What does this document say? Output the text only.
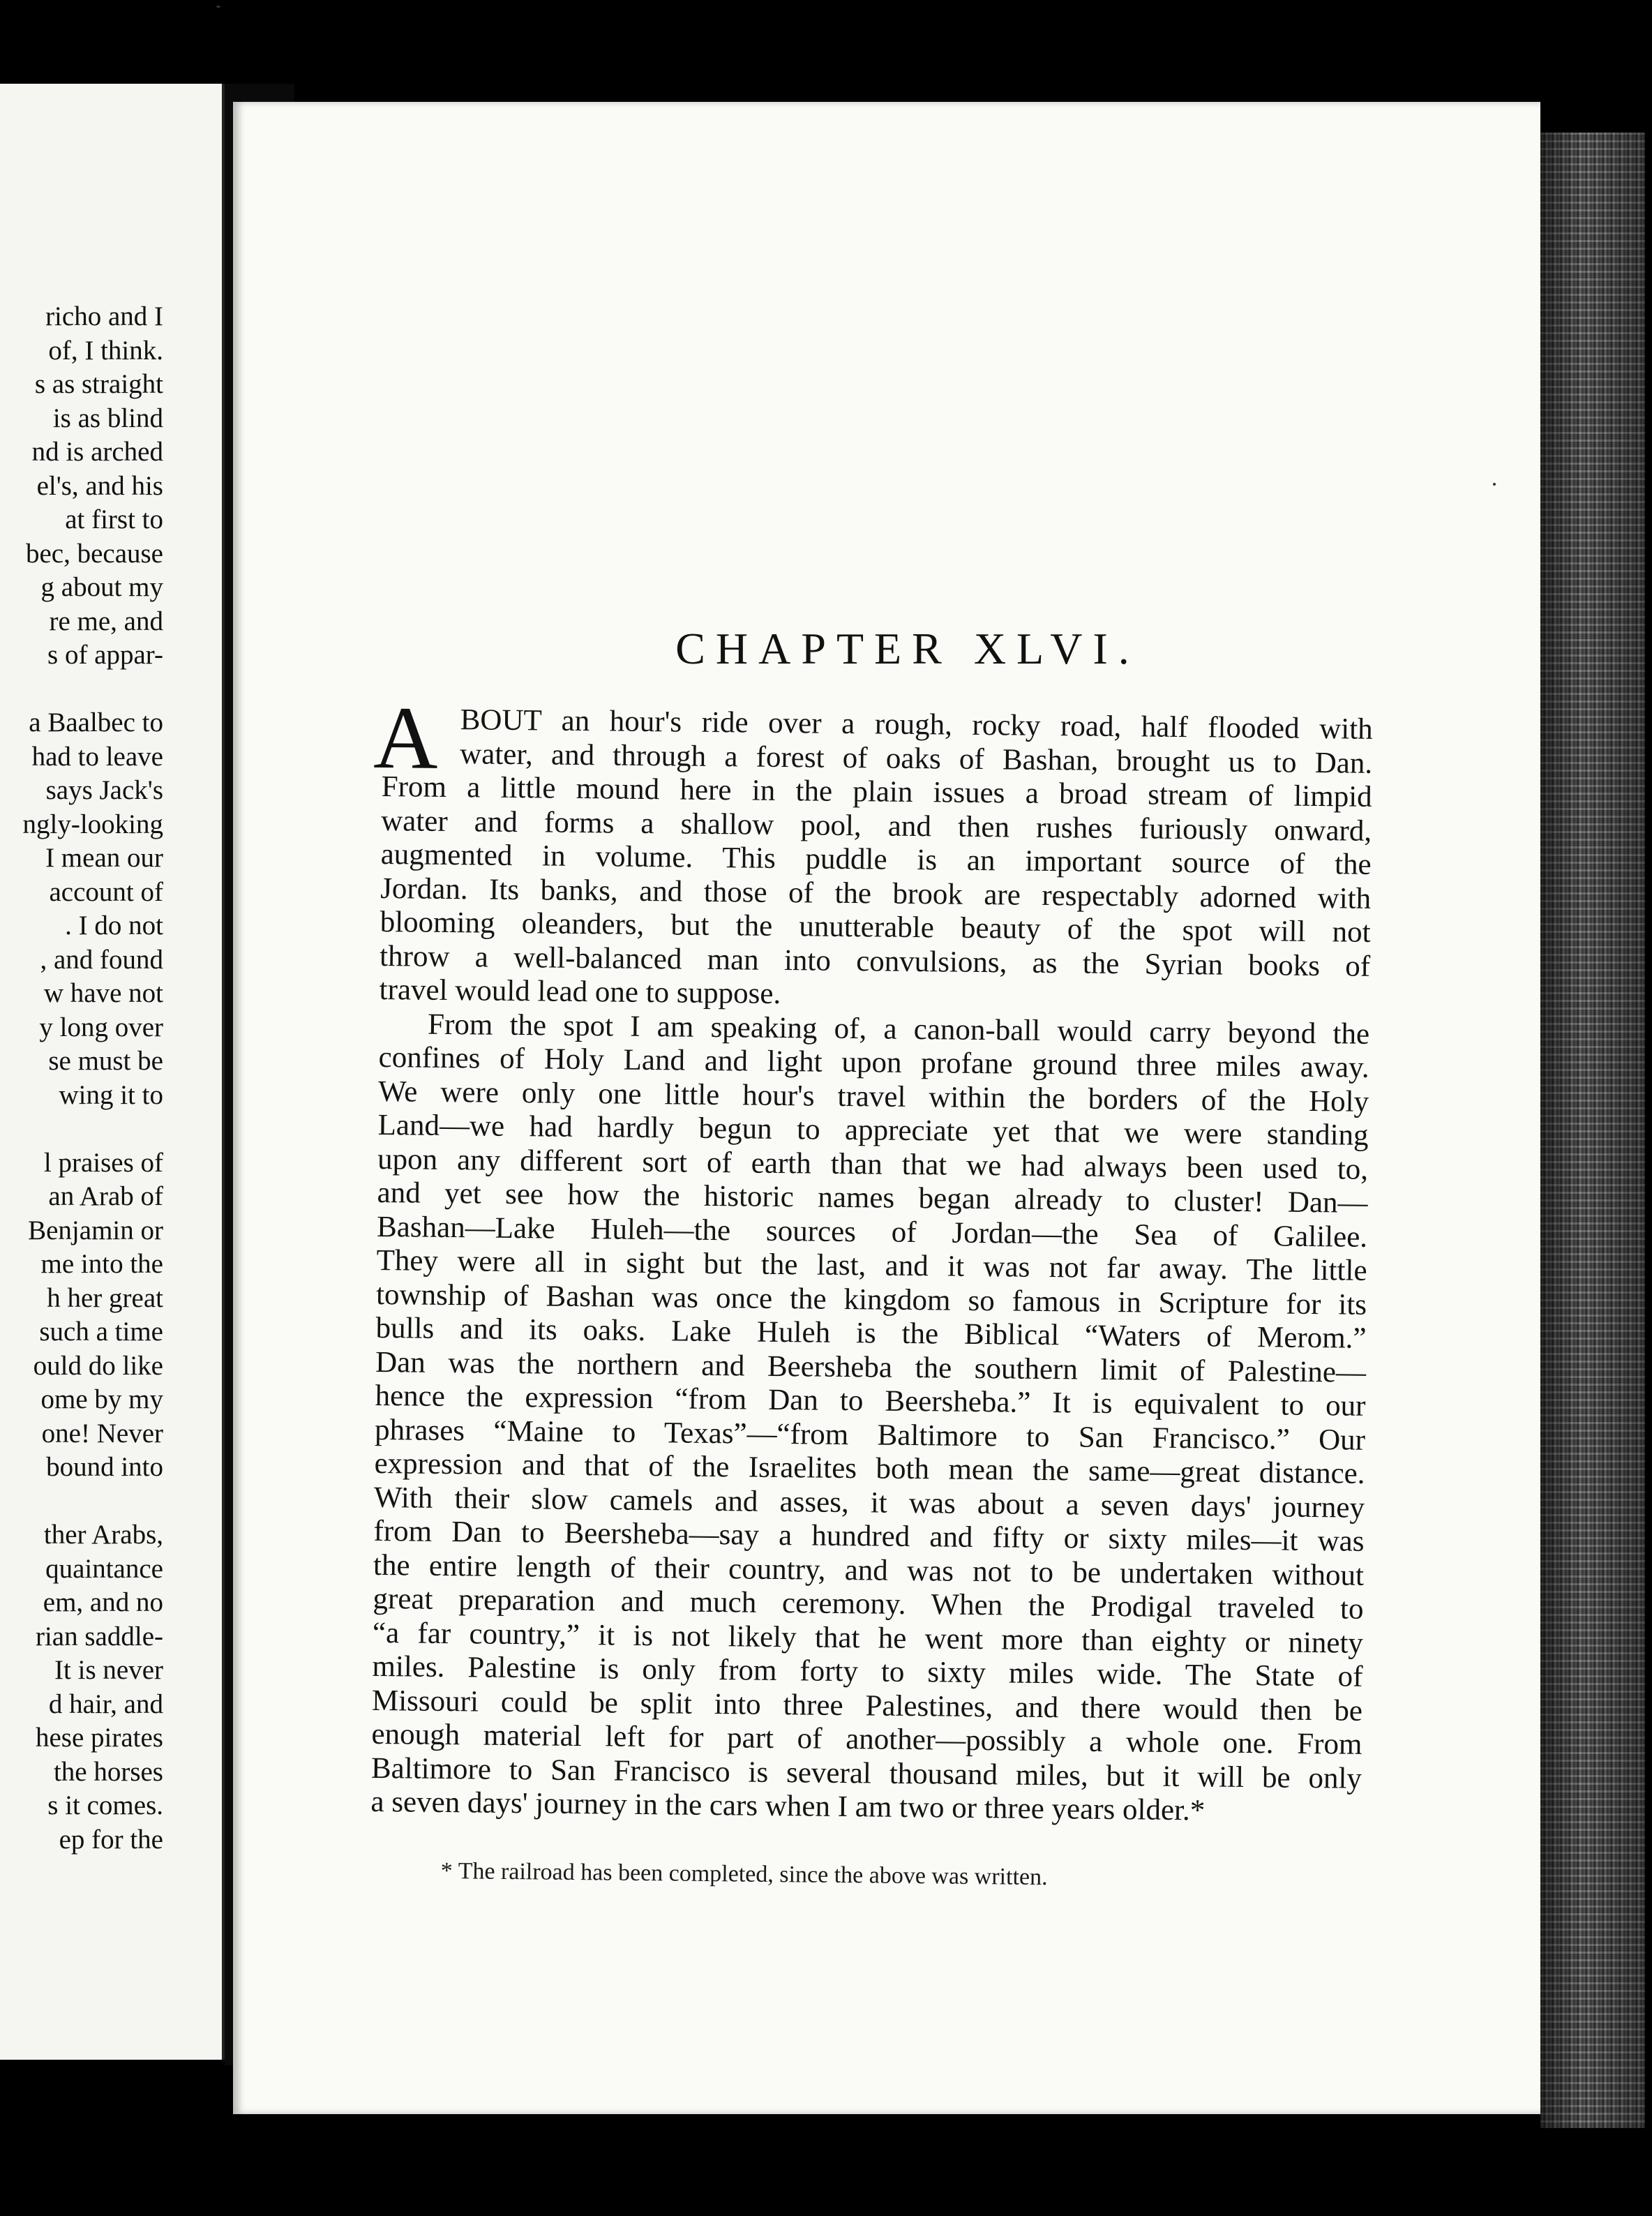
richo and I
of, I think.
s as straight
is as blind
nd is arched
el's, and his
at first to
bec, because
g about my
re me, and
s of appar-
a Baalbec to
had to leave
says Jack's
ngly-looking
I mean our
account of
. I do not
, and found
w have not
y long over
se must be
wing it to
l praises of
an Arab of
Benjamin or
me into the
h her great
such a time
ould do like
ome by my
one! Never
bound into
ther Arabs,
quaintance
em, and no
rian saddle-
It is never
d hair, and
hese pirates
the horses
s it comes.
ep for the
CHAPTER XLVI.
A BOUT an hour's ride over a rough, rocky road, half flooded with
water, and through a forest of oaks of Bashan, brought us to Dan.
From a little mound here in the plain issues a broad stream of limpid
water and forms a shallow pool, and then rushes furiously onward,
augmented in volume. This puddle is an important source of the
Jordan. Its banks, and those of the brook are respectably adorned with
blooming oleanders, but the unutterable beauty of the spot will not
throw a well-balanced man into convulsions, as the Syrian books of
travel would lead one to suppose.
From the spot I am speaking of, a canon-ball would carry beyond the
confines of Holy Land and light upon profane ground three miles away.
We were only one little hour's travel within the borders of the Holy
Land—we had hardly begun to appreciate yet that we were standing
upon any different sort of earth than that we had always been used to,
and yet see how the historic names began already to cluster! Dan—
Bashan—Lake Huleh—the sources of Jordan—the Sea of Galilee.
They were all in sight but the last, and it was not far away. The little
township of Bashan was once the kingdom so famous in Scripture for its
bulls and its oaks. Lake Huleh is the Biblical “Waters of Merom.”
Dan was the northern and Beersheba the southern limit of Palestine—
hence the expression “from Dan to Beersheba.” It is equivalent to our
phrases “Maine to Texas”—“from Baltimore to San Francisco.” Our
expression and that of the Israelites both mean the same—great distance.
With their slow camels and asses, it was about a seven days' journey
from Dan to Beersheba—say a hundred and fifty or sixty miles—it was
the entire length of their country, and was not to be undertaken without
great preparation and much ceremony. When the Prodigal traveled to
“a far country,” it is not likely that he went more than eighty or ninety
miles. Palestine is only from forty to sixty miles wide. The State of
Missouri could be split into three Palestines, and there would then be
enough material left for part of another—possibly a whole one. From
Baltimore to San Francisco is several thousand miles, but it will be only
a seven days' journey in the cars when I am two or three years older.*
* The railroad has been completed, since the above was written.
